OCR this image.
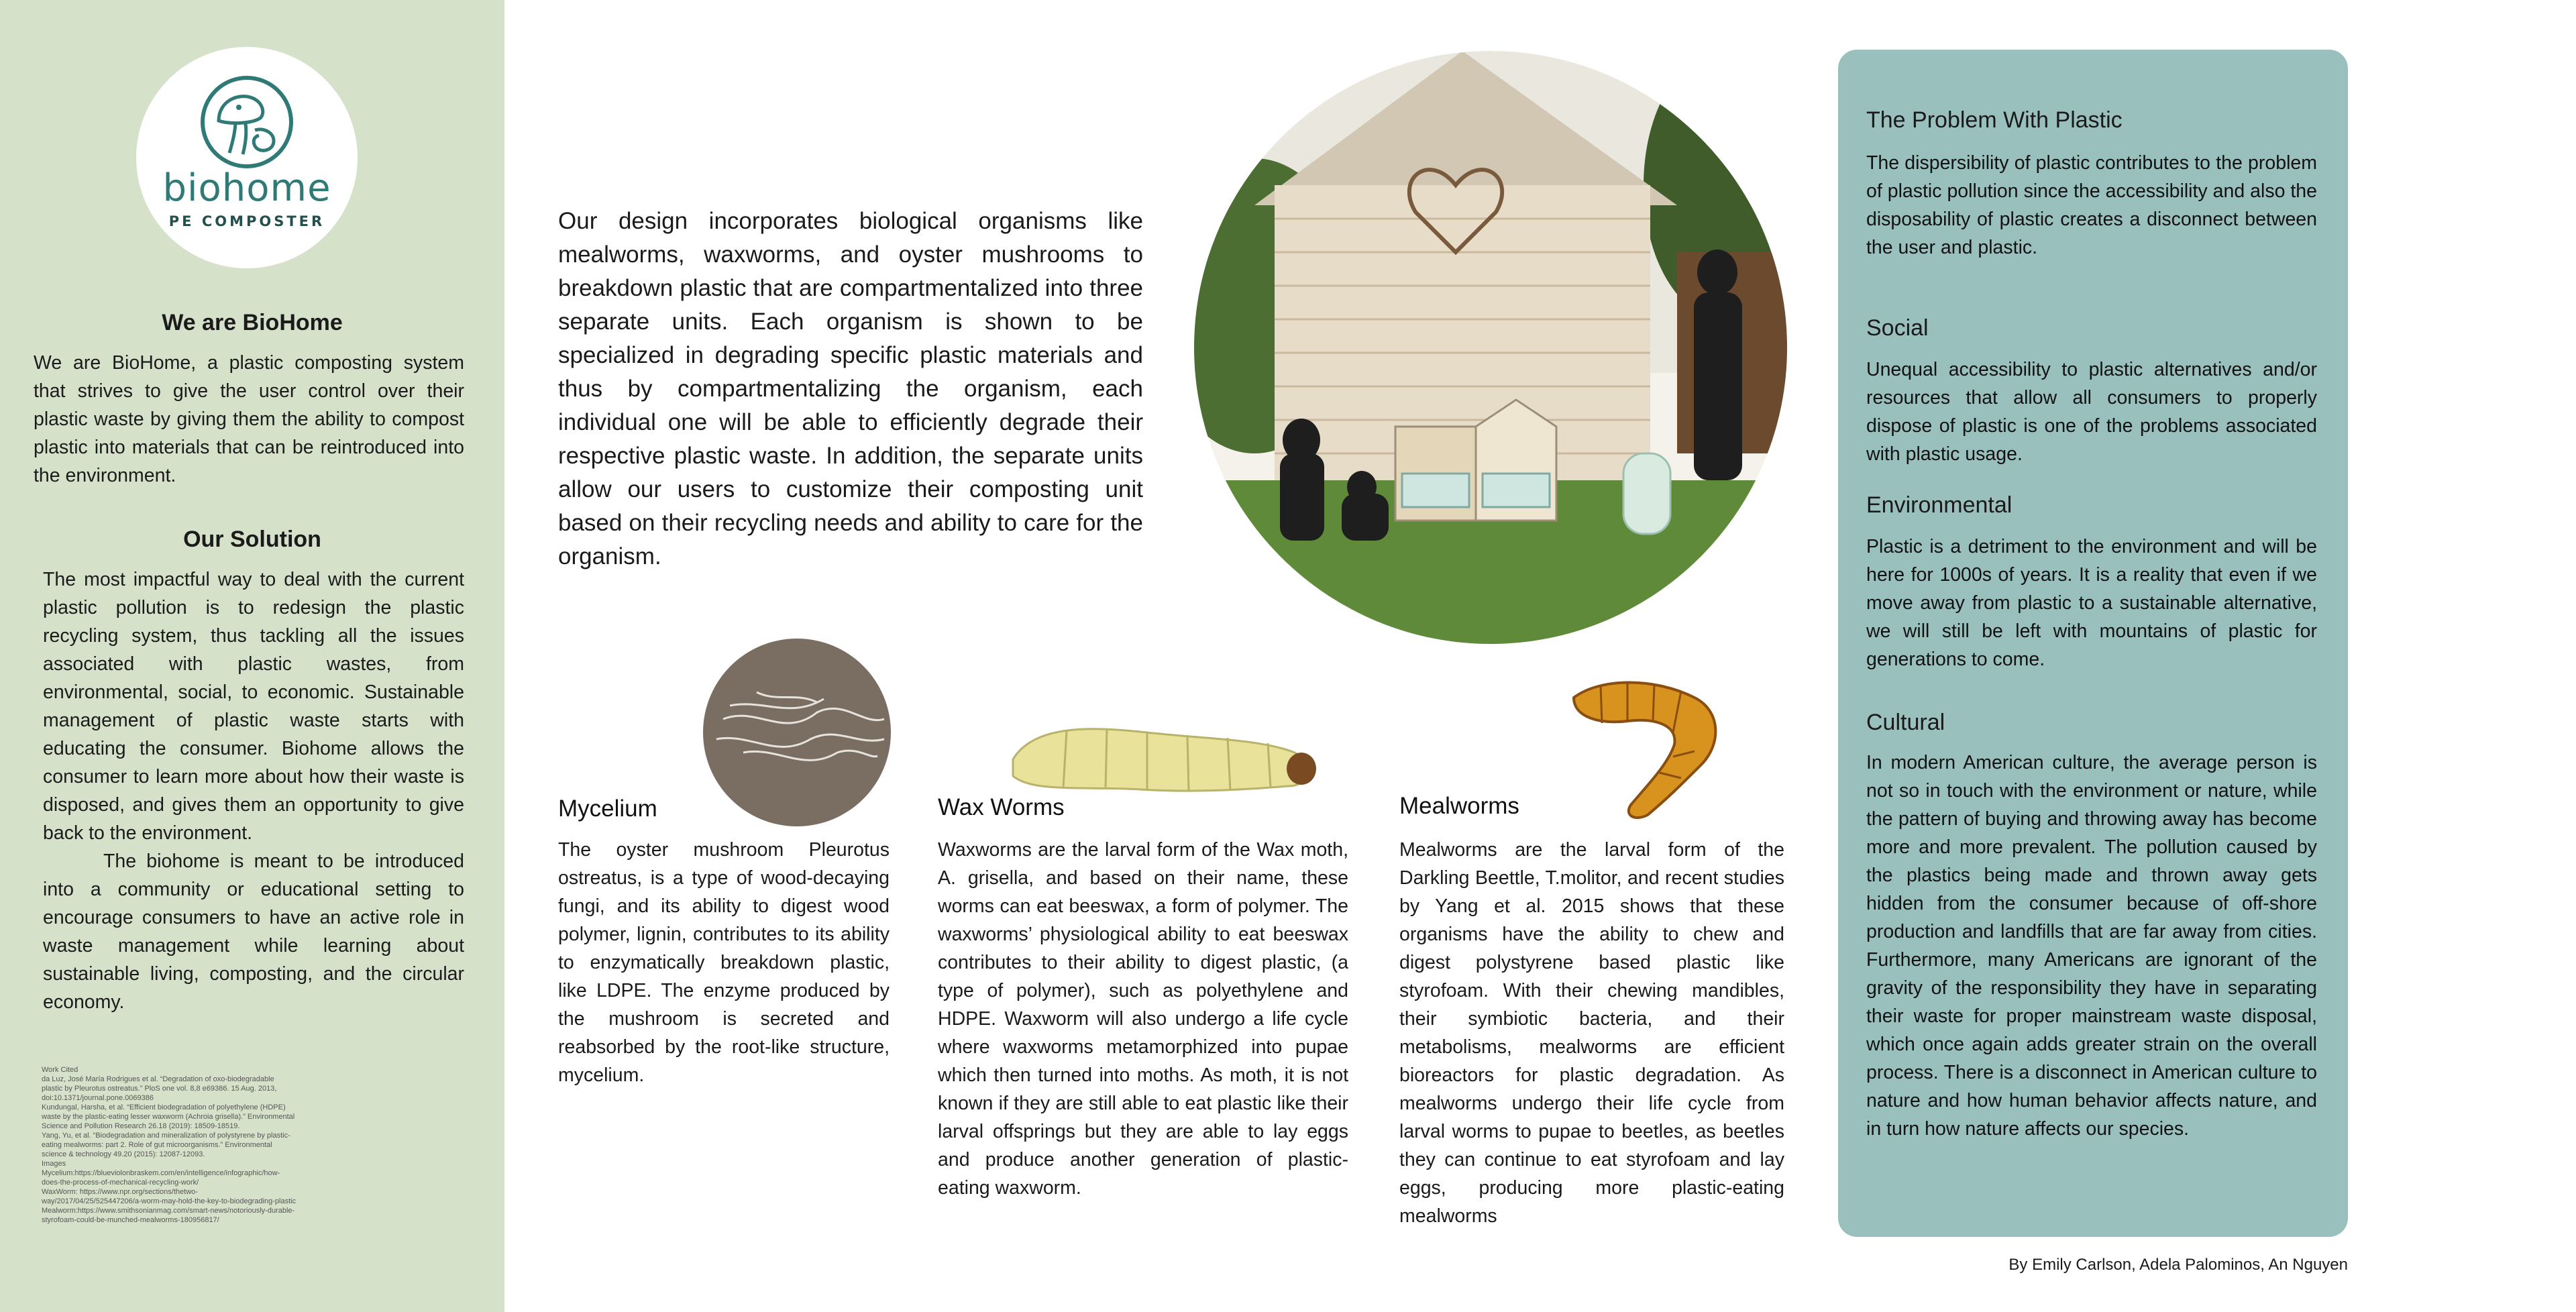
biohome
PE COMPOSTER
We are BioHome

We are BioHome, a plastic composting system that strives to give the user control over their plastic waste by giving them the ability to compost plastic into materials that can be reintroduced into the environment.

Our Solution

The most impactful way to deal with the current plastic pollution is to redesign the plastic recycling system, thus tackling all the issues associated with plastic wastes, from environmental, social, to economic. Sustainable management of plastic waste starts with educating the consumer. Biohome allows the consumer to learn more about how their waste is disposed, and gives them an opportunity to give back to the environment.

The biohome is meant to be introduced into a community or educational setting to encourage consumers to have an active role in waste management while learning about sustainable living, composting, and the circular economy.

Work Cited
da Luz, José María Rodrigues et al. “Degradation of oxo-biodegradable plastic by Pleurotus ostreatus.” PloS one vol. 8,8 e69386. 15 Aug. 2013, doi:10.1371/journal.pone.0069386
Kundungal, Harsha, et al. “Efficient biodegradation of polyethylene (HDPE) waste by the plastic-eating lesser waxworm (Achroia grisella).” Environmental Science and Pollution Research 26.18 (2019): 18509-18519.
Yang, Yu, et al. “Biodegradation and mineralization of polystyrene by plastic-eating mealworms: part 2. Role of gut microorganisms.” Environmental science & technology 49.20 (2015): 12087-12093.
Images
Mycelium:https://blueviolonbraskem.com/en/intelligence/infographic/how-does-the-process-of-mechanical-recycling-work/
WaxWorm: https://www.npr.org/sections/thetwo-way/2017/04/25/525447206/a-worm-may-hold-the-key-to-biodegrading-plastic
Mealworm:https://www.smithsonianmag.com/smart-news/notoriously-durable-styrofoam-could-be-munched-mealworms-180956817/
Our design incorporates biological organisms like mealworms, waxworms, and oyster mushrooms to breakdown plastic that are compartmentalized into three separate units. Each organism is shown to be specialized in degrading specific plastic materials and thus by compartmentalizing the organism, each individual one will be able to efficiently degrade their respective plastic waste. In addition, the separate units allow our users to customize their composting unit based on their recycling needs and ability to care for the organism.
Mycelium
The oyster mushroom Pleurotus ostreatus, is a type of wood-decaying fungi, and its ability to digest wood polymer, lignin, contributes to its ability to enzymatically breakdown plastic, like LDPE. The enzyme produced by the mushroom is secreted and reabsorbed by the root-like structure, mycelium.
Wax Worms
Waxworms are the larval form of the Wax moth, A. grisella, and based on their name, these worms can eat beeswax, a form of polymer. The waxworms’ physiological ability to eat beeswax contributes to their ability to digest plastic, (a type of polymer), such as polyethylene and HDPE. Waxworm will also undergo a life cycle where waxworms metamorphized into pupae which then turned into moths. As moth, it is not known if they are still able to eat plastic like their larval offsprings but they are able to lay eggs and produce another generation of plastic-eating waxworm.
Mealworms
Mealworms are the larval form of the Darkling Beettle, T.molitor, and recent studies by Yang et al. 2015 shows that these organisms have the ability to chew and digest polystyrene based plastic like styrofoam. With their chewing mandibles, their symbiotic bacteria, and their metabolisms, mealworms are efficient bioreactors for plastic degradation. As mealworms undergo their life cycle from larval worms to pupae to beetles, as beetles they can continue to eat styrofoam and lay eggs, producing more plastic-eating mealworms
The Problem With Plastic
The dispersibility of plastic contributes to the problem of plastic pollution since the accessibility and also the disposability of plastic creates a disconnect between the user and plastic.
Social
Unequal accessibility to plastic alternatives and/or resources that allow all consumers to properly dispose of plastic is one of the problems associated with plastic usage.
Environmental
Plastic is a detriment to the environment and will be here for 1000s of years. It is a reality that even if we move away from plastic to a sustainable alternative, we will still be left with mountains of plastic for generations to come.
Cultural
In modern American culture, the average person is not so in touch with the environment or nature, while the pattern of buying and throwing away has become more and more prevalent. The pollution caused by the plastics being made and thrown away gets hidden from the consumer because of off-shore production and landfills that are far away from cities. Furthermore, many Americans are ignorant of the gravity of the responsibility they have in separating their waste for proper mainstream waste disposal, which once again adds greater strain on the overall process. There is a disconnect in American culture to nature and how human behavior affects nature, and in turn how nature affects our species.
By Emily Carlson, Adela Palominos, An Nguyen
